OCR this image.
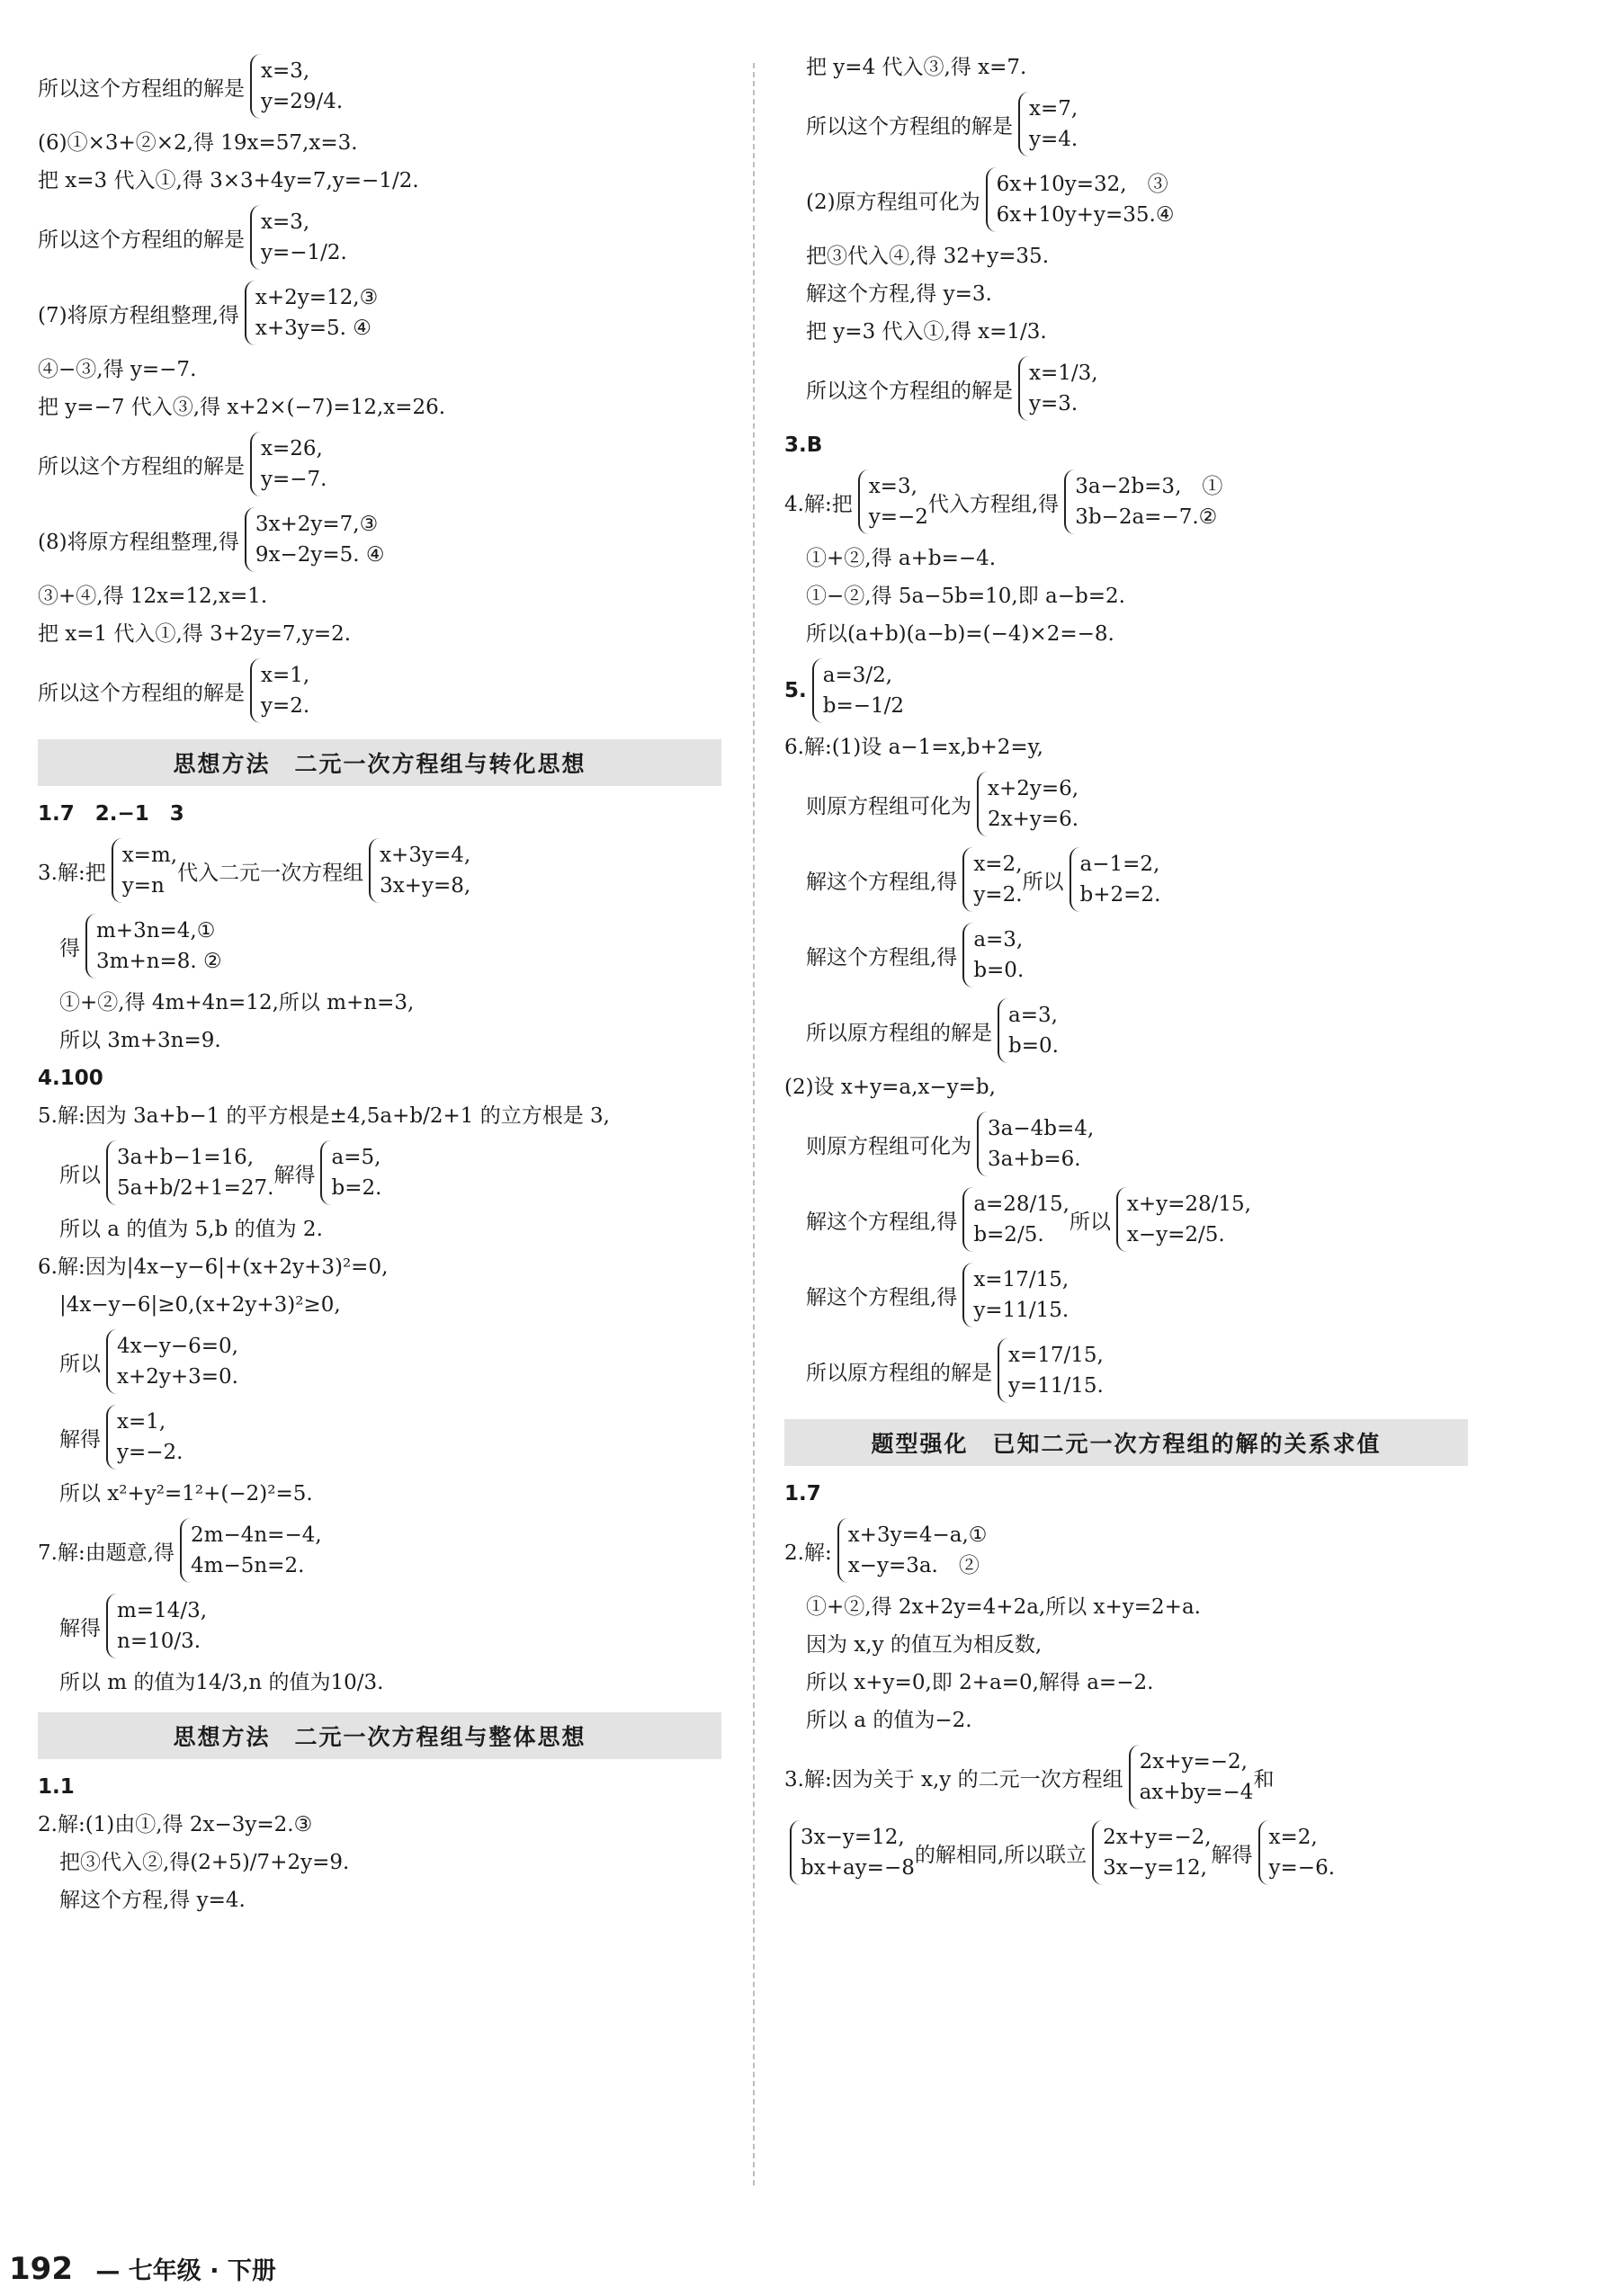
所以这个方程组的解是
x=3,
y=29/4.
(6)①×3+②×2,得 19x=57,x=3.
把 x=3 代入①,得 3×3+4y=7,y=−1/2.
所以这个方程组的解是
x=3,
y=−1/2.
(7)将原方程组整理,得
x+2y=12,③
x+3y=5. ④
④−③,得 y=−7.
把 y=−7 代入③,得 x+2×(−7)=12,x=26.
所以这个方程组的解是
x=26,
y=−7.
(8)将原方程组整理,得
3x+2y=7,③
9x−2y=5. ④
③+④,得 12x=12,x=1.
把 x=1 代入①,得 3+2y=7,y=2.
所以这个方程组的解是
x=1,
y=2.
思想方法　二元一次方程组与转化思想
1.7　2.−1　3
3.解:把
x=m,
y=n
代入二元一次方程组
x+3y=4,
3x+y=8,
得
m+3n=4,①
3m+n=8. ②
①+②,得 4m+4n=12,所以 m+n=3,
所以 3m+3n=9.
4.100
5.解:因为 3a+b−1 的平方根是±4,5a+b/2+1 的立方根是 3,
所以
3a+b−1=16,
5a+b/2+1=27.
解得
a=5,
b=2.
所以 a 的值为 5,b 的值为 2.
6.解:因为|4x−y−6|+(x+2y+3)²=0,
|4x−y−6|≥0,(x+2y+3)²≥0,
所以
4x−y−6=0,
x+2y+3=0.
解得
x=1,
y=−2.
所以 x²+y²=1²+(−2)²=5.
7.解:由题意,得
2m−4n=−4,
4m−5n=2.
解得
m=14/3,
n=10/3.
所以 m 的值为14/3,n 的值为10/3.
思想方法　二元一次方程组与整体思想
1.1
2.解:(1)由①,得 2x−3y=2.③
把③代入②,得(2+5)/7+2y=9.
解这个方程,得 y=4.
把 y=4 代入③,得 x=7.
所以这个方程组的解是
x=7,
y=4.
(2)原方程组可化为
6x+10y=32,　③
6x+10y+y=35.④
把③代入④,得 32+y=35.
解这个方程,得 y=3.
把 y=3 代入①,得 x=1/3.
所以这个方程组的解是
x=1/3,
y=3.
3.B
4.解:把
x=3,
y=−2
代入方程组,得
3a−2b=3,　①
3b−2a=−7.②
①+②,得 a+b=−4.
①−②,得 5a−5b=10,即 a−b=2.
所以(a+b)(a−b)=(−4)×2=−8.
5.
a=3/2,
b=−1/2
6.解:(1)设 a−1=x,b+2=y,
则原方程组可化为
x+2y=6,
2x+y=6.
解这个方程组,得
x=2,
y=2.
所以
a−1=2,
b+2=2.
解这个方程组,得
a=3,
b=0.
所以原方程组的解是
a=3,
b=0.
(2)设 x+y=a,x−y=b,
则原方程组可化为
3a−4b=4,
3a+b=6.
解这个方程组,得
a=28/15,
b=2/5.
所以
x+y=28/15,
x−y=2/5.
解这个方程组,得
x=17/15,
y=11/15.
所以原方程组的解是
x=17/15,
y=11/15.
题型强化　已知二元一次方程组的解的关系求值
1.7
2.解:
x+3y=4−a,①
x−y=3a.　②
①+②,得 2x+2y=4+2a,所以 x+y=2+a.
因为 x,y 的值互为相反数,
所以 x+y=0,即 2+a=0,解得 a=−2.
所以 a 的值为−2.
3.解:因为关于 x,y 的二元一次方程组
2x+y=−2,
ax+by=−4
和
3x−y=12,
bx+ay=−8
的解相同,所以联立
2x+y=−2,
3x−y=12,
解得
x=2,
y=−6.
192 — 七年级 · 下册
